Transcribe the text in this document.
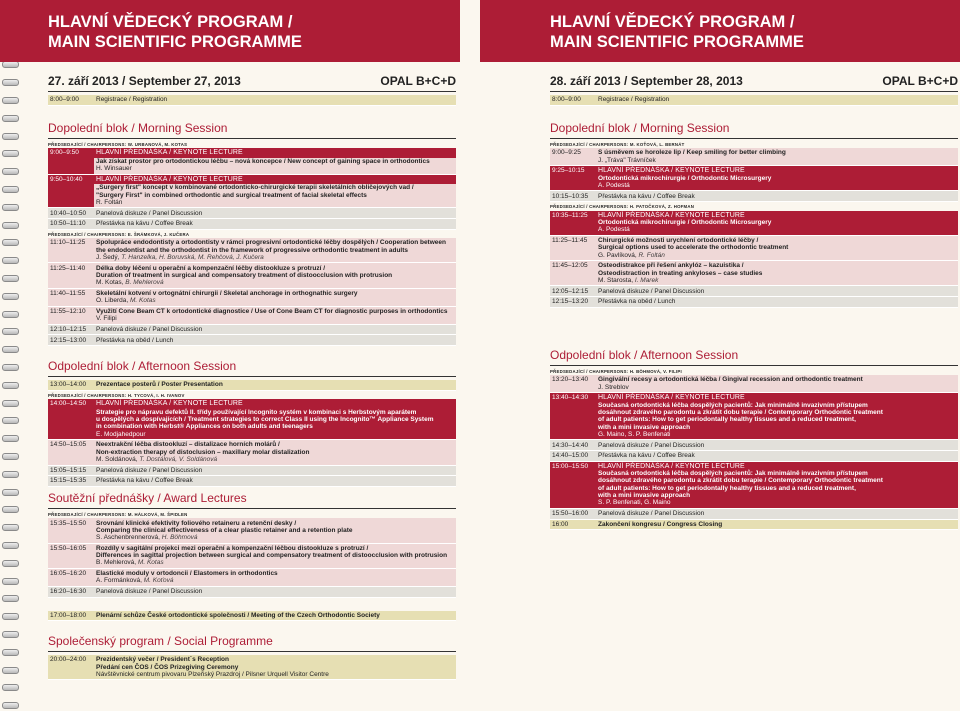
HLAVNÍ VĚDECKÝ PROGRAM /
MAIN SCIENTIFIC PROGRAMME
27. září 2013 / September 27, 2013	OPAL B+C+D
8:00–9:00	Registrace / Registration
Dopolední blok / Morning Session
PŘEDSEDAJÍCÍ / CHAIRPERSONS: W. URBANOVÁ, M. KOTAS
9:00–9:50	HLAVNÍ PŘEDNÁŠKA / KEYNOTE LECTURE
Jak získat prostor pro ortodontickou léčbu – nová koncepce / New concept of gaining space in orthodontics
H. Winsauer
9:50–10:40	HLAVNÍ PŘEDNÁŠKA / KEYNOTE LECTURE
„Surgery first" koncept v kombinované ortodonticko-chirurgické terapii skeletálních obličejových vad /
"Surgery First" in combined orthodontic and surgical treatment of facial skeletal effects
R. Foltán
10:40–10:50	Panelová diskuze / Panel Discussion
10:50–11:10	Přestávka na kávu / Coffee Break
PŘEDSEDAJÍCÍ / CHAIRPERSONS: E. ŠRÁMKOVÁ, J. KUČERA
11:10–11:25	Spolupráce endodontisty a ortodontisty v rámci progresivní ortodontické léčby dospělých / Cooperation between
the endodontist and the orthodontist in the framework of progressive orthodontic treatment in adults
J. Šedý, T. Hanzelka, H. Boruvská, M. Rehčová, J. Kučera
11:25–11:40	Délka doby léčení u operační a kompenzační léčby distookluze s protruzí /
Duration of treatment in surgical and compensatory treatment of distoocclusion with protrusion
M. Kotas, B. Mehlerová
11:40–11:55	Skeletální kotvení v ortognátní chirurgii / Skeletal anchorage in orthognathic surgery
O. Liberda, M. Kotas
11:55–12:10	Využití Cone Beam CT k ortodontické diagnostice / Use of Cone Beam CT for diagnostic purposes in orthodontics
V. Filipi
12:10–12:15	Panelová diskuze / Panel Discussion
12:15–13:00	Přestávka na oběd / Lunch
Odpolední blok / Afternoon Session
13:00–14:00	Prezentace posterů / Poster Presentation
PŘEDSEDAJÍCÍ / CHAIRPERSONS: H. TYCOVÁ, I. H. IVANOV
14:00–14:50	HLAVNÍ PŘEDNÁŠKA / KEYNOTE LECTURE
Strategie pro nápravu defektů II. třídy používající Incognito systém v kombinaci s Herbstovým aparátem
u dospělých a dospívajících / Treatment strategies to correct Class II using the Incognito™ Appliance System
in combination with Herbst® Appliances on both adults and teenagers
E. Modjahedpour
14:50–15:05	Neextrakční léčba distookluzí – distalizace horních molárů /
Non-extraction therapy of distoclusion – maxillary molar distalization
M. Soldánová, T. Dostálová, V. Soldánová
15:05–15:15	Panelová diskuze / Panel Discussion
15:15–15:35	Přestávka na kávu / Coffee Break
Soutěžní přednášky / Award Lectures
PŘEDSEDAJÍCÍ / CHAIRPERSONS: M. HÁLKOVÁ, M. ŠPIDLEN
15:35–15:50	Srovnání klinické efektivity foliového retaineru a retenční desky /
Comparing the clinical effectiveness of a clear plastic retainer and a retention plate
S. Aschenbrennerová, H. Böhmová
15:50–16:05	Rozdíly v sagitální projekci mezi operační a kompenzační léčbou distookluze s protruzí /
Differences in sagittal projection between surgical and compensatory treatment of distoocclusion with protrusion
B. Mehlerová, M. Kotas
16:05–16:20	Elastické moduly v ortodoncii / Elastomers in orthodontics
A. Formánková, M. Koťová
16:20–16:30	Panelová diskuze / Panel Discussion
17:00–18:00	Plenární schůze České ortodontické společnosti / Meeting of the Czech Orthodontic Society
Společenský program / Social Programme
20:00–24:00	Prezidentský večer / President´s Reception
Předání cen ČOS / ČOS Prizegiving Ceremony
Návštěvnické centrum pivovaru Plzeňský Prazdroj / Pilsner Urquell Visitor Centre
HLAVNÍ VĚDECKÝ PROGRAM /
MAIN SCIENTIFIC PROGRAMME
28. září 2013 / September 28, 2013	OPAL B+C+D
8:00–9:00	Registrace / Registration
Dopolední blok / Morning Session
PŘEDSEDAJÍCÍ / CHAIRPERSONS: M. KOŤOVÁ, L. BERNÁT
9:00–9:25	S úsměvem se horoleze lip / Keep smiling for better climbing
J. „Tráva" Trávníček
9:25–10:15	HLAVNÍ PŘEDNÁŠKA / KEYNOTE LECTURE
Ortodontická mikrochirurgie / Orthodontic Microsurgery
A. Podestá
10:15–10:35	Přestávka na kávu / Coffee Break
PŘEDSEDAJÍCÍ / CHAIRPERSONS: H. PATOČKOVÁ, Z. HOFMAN
10:35–11:25	HLAVNÍ PŘEDNÁŠKA / KEYNOTE LECTURE
Ortodontická mikrochirurgie / Orthodontic Microsurgery
A. Podestá
11:25–11:45	Chirurgické možnosti urychlení ortodontické léčby /
Surgical options used to accelerate the orthodontic treatment
G. Pavlíková, R. Foltán
11:45–12:05	Osteodistrakce při řešení ankylóz – kazuistika /
Osteodistraction in treating ankyloses – case studies
M. Starosta, I. Marek
12:05–12:15	Panelová diskuze / Panel Discussion
12:15–13:20	Přestávka na oběd / Lunch
Odpolední blok / Afternoon Session
PŘEDSEDAJÍCÍ / CHAIRPERSONS: H. BÖHMOVÁ, V. FILIPI
13:20–13:40	Gingivální recesy a ortodontická léčba / Gingival recession and orthodontic treatment
J. Streblov
13:40–14:30	HLAVNÍ PŘEDNÁŠKA / KEYNOTE LECTURE
Současná ortodontická léčba dospělých pacientů: Jak minimálně invazivním přístupem
dosáhnout zdravého parodontu a zkrátit dobu terapie / Contemporary Orthodontic treatment
of adult patients: How to get periodontally healthy tissues and a reduced treatment,
with a mini invasive approach
G. Maino, S. P. Benfenati
14:30–14:40	Panelová diskuze / Panel Discussion
14:40–15:00	Přestávka na kávu / Coffee Break
15:00–15:50	HLAVNÍ PŘEDNÁŠKA / KEYNOTE LECTURE
Současná ortodontická léčba dospělých pacientů: Jak minimálně invazivním přístupem
dosáhnout zdravého parodontu a zkrátit dobu terapie / Contemporary Orthodontic treatment
of adult patients: How to get periodontally healthy tissues and a reduced treatment,
with a mini invasive approach
S. P. Benfenati, G. Maino
15:50–16:00	Panelová diskuze / Panel Discussion
16:00	Zakončení kongresu / Congress Closing
